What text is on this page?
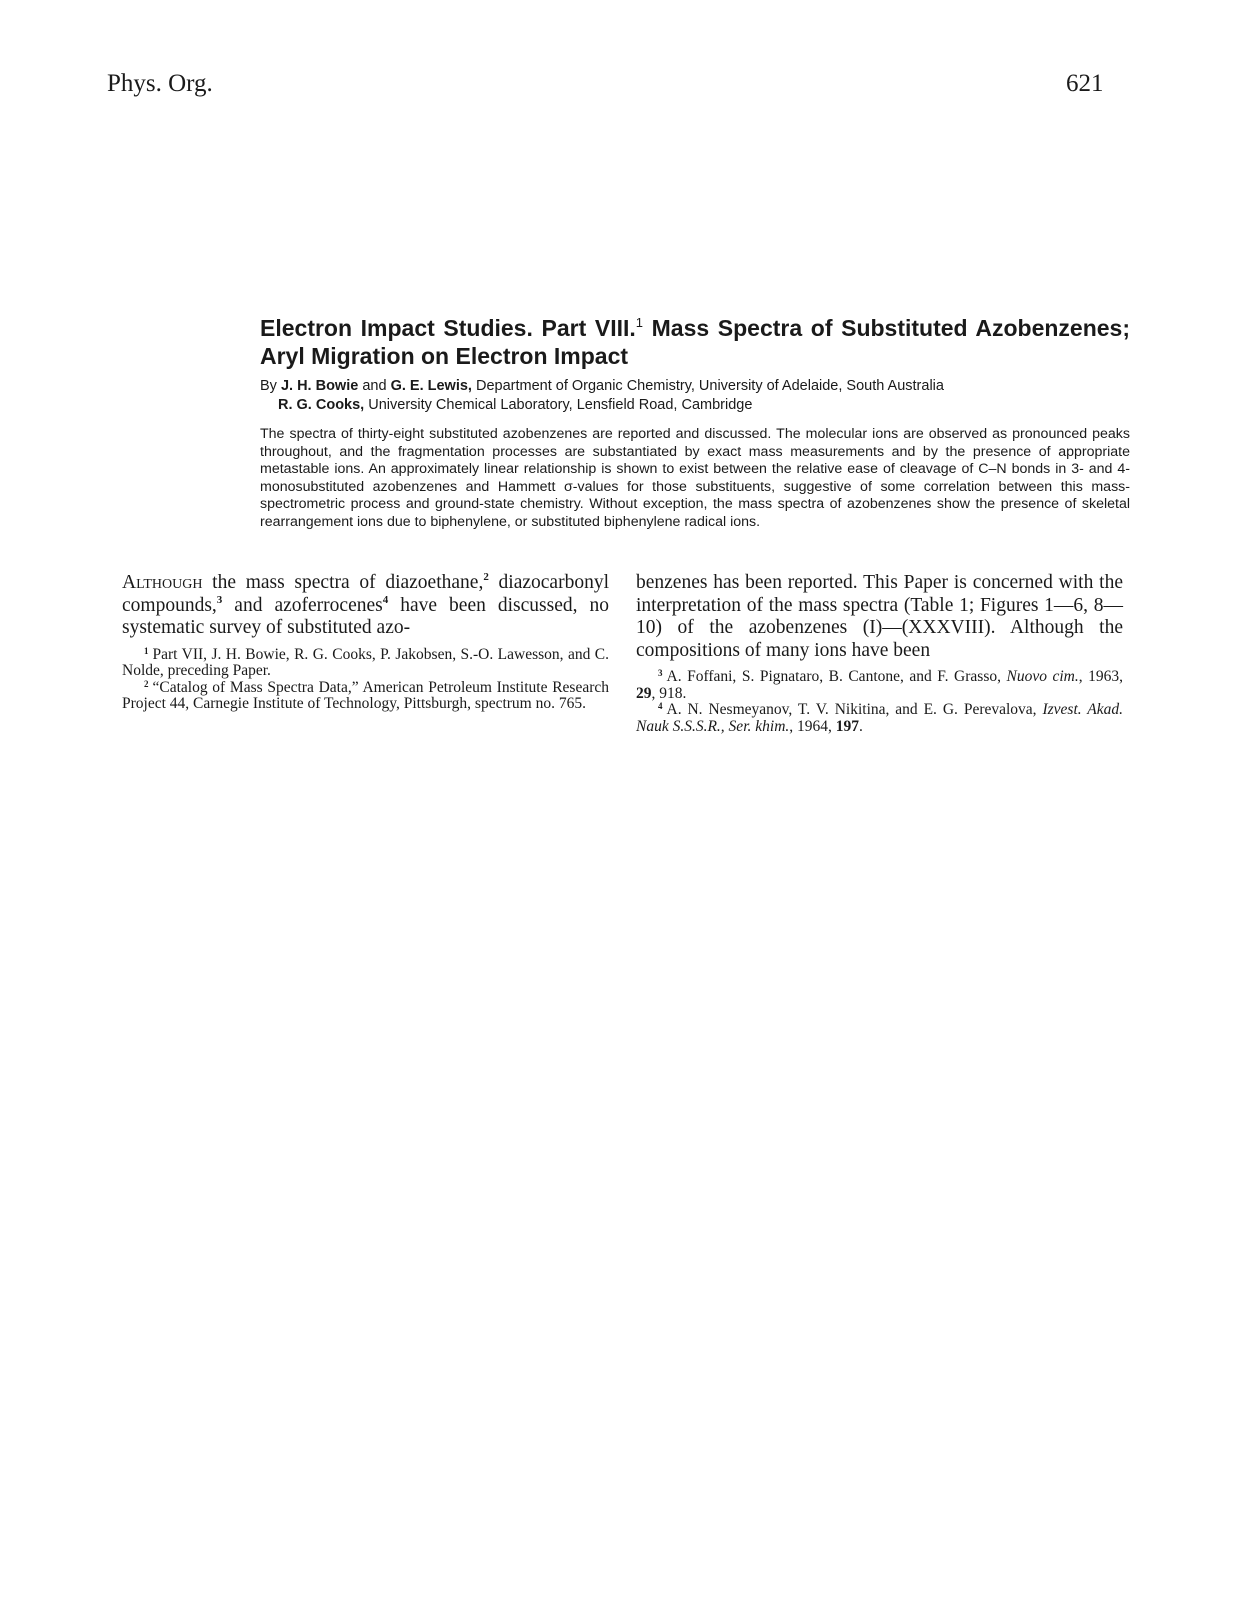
Phys. Org.	621
Electron Impact Studies. Part VIII.$^1$ Mass Spectra of Substituted Azobenzenes; Aryl Migration on Electron Impact
By J. H. Bowie and G. E. Lewis, Department of Organic Chemistry, University of Adelaide, South Australia
R. G. Cooks, University Chemical Laboratory, Lensfield Road, Cambridge

The spectra of thirty-eight substituted azobenzenes are reported and discussed. The molecular ions are observed as pronounced peaks throughout, and the fragmentation processes are substantiated by exact mass measurements and by the presence of appropriate metastable ions. An approximately linear relationship is shown to exist between the relative ease of cleavage of C–N bonds in 3- and 4-monosubstituted azobenzenes and Hammett σ-values for those substituents, suggestive of some correlation between this mass-spectrometric process and ground-state chemistry. Without exception, the mass spectra of azobenzenes show the presence of skeletal rearrangement ions due to biphenylene, or substituted biphenylene radical ions.

Although the mass spectra of diazoethane,$^2$ diazocarbonyl compounds,$^3$ and azoferrocenes$^4$ have been discussed, no systematic survey of substituted azo-

$^1$ Part VII, J. H. Bowie, R. G. Cooks, P. Jakobsen, S.-O. Lawesson, and C. Nolde, preceding Paper.

$^2$ “Catalog of Mass Spectra Data,” American Petroleum Institute Research Project 44, Carnegie Institute of Technology, Pittsburgh, spectrum no. 765.

benzenes has been reported. This Paper is concerned with the interpretation of the mass spectra (Table 1; Figures 1—6, 8—10) of the azobenzenes (I)—(XXXVIII). Although the compositions of many ions have been

$^3$ A. Foffani, S. Pignataro, B. Cantone, and F. Grasso, Nuovo cim., 1963, 29, 918.

$^4$ A. N. Nesmeyanov, T. V. Nikitina, and E. G. Perevalova, Izvest. Akad. Nauk S.S.S.R., Ser. khim., 1964, 197.
